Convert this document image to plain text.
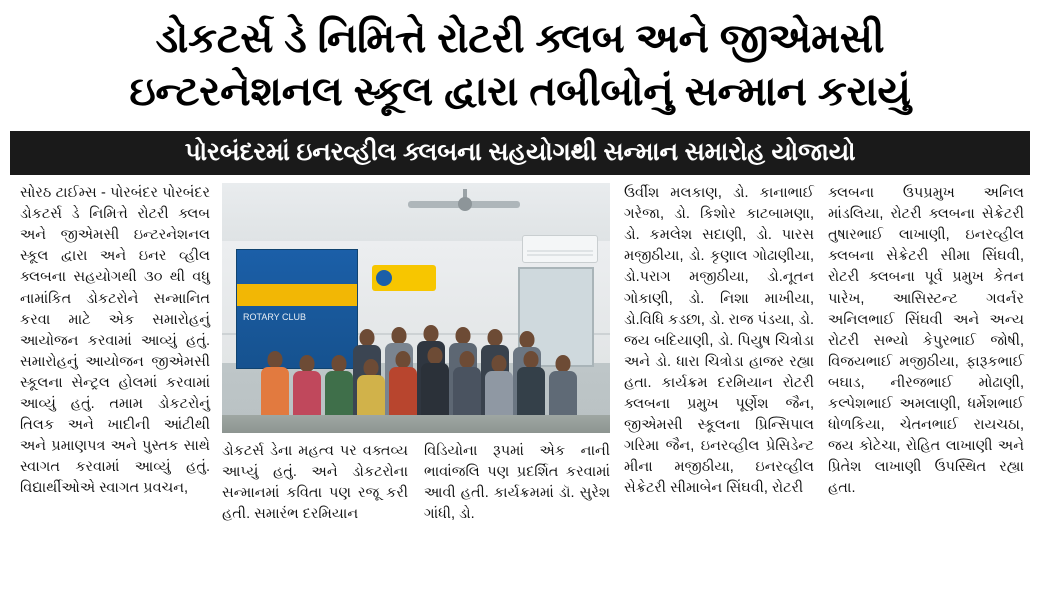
ડોકટર્સ ડે નિમિત્તે રોટરી ક્લબ અને જીએમસી
ઇન્ટરનેશનલ સ્કૂલ દ્વારા તબીબોનું સન્માન કરાયું
પોરબંદરમાં ઇનરવ્હીલ ક્લબના સહયોગથી સન્માન સમારોહ યોજાયો

સોરઠ ટાઈમ્સ - પોરબંદર પોરબંદર ડોકટર્સ ડે નિમિત્તે રોટરી ક્લબ અને જીએમસી ઇન્ટરનેશનલ સ્કૂલ દ્વારા અને ઇનર વ્હીલ ક્લબના સહયોગથી ૩૦ થી વધુ નામાંકિત ડોકટરોને સન્માનિત કરવા માટે એક સમારોહનું આયોજન કરવામાં આવ્યું હતું. સમારોહનું આયોજન જીએમસી સ્કૂલના સેન્ટ્રલ હોલમાં કરવામાં આવ્યું હતું. તમામ ડોકટરોનું તિલક અને ખાદીની આંટીથી અને પ્રમાણપત્ર અને પુસ્તક સાથે સ્વાગત કરવામાં આવ્યું હતું. વિદ્યાર્થીઓએ સ્વાગત પ્રવચન,

ROTARY CLUB

ડોકટર્સ ડેના મહત્વ પર વક્તવ્ય આપ્યું હતું. અને ડોકટરોના સન્માનમાં કવિતા પણ રજૂ કરી હતી. સમારંભ દરમિયાન

વિડિયોના રૂપમાં એક નાની ભાવાંજલિ પણ પ્રદર્શિત કરવામાં આવી હતી. કાર્યક્રમમાં ડૉ. સુરેશ ગાંધી, ડો.

ઉર્વીશ મલકાણ, ડો. કાનાભાઈ ગરેજા, ડો. કિશોર કાટબામણા, ડો. કમલેશ સદાણી, ડો. પારસ મજીઠીયા, ડો. કૃણાલ ગોઢાણીયા, ડો.પરાગ મજીઠીયા, ડો.નૂતન ગોકાણી, ડો. નિશા માખીયા, ડો.વિધિ કડછા, ડો. રાજ પંડયા, ડો. જય બદિયાણી, ડો. પિયુષ ચિત્રોડા અને ડો. ધારા ચિત્રોડા હાજર રહ્યા હતા. કાર્યક્રમ દરમિયાન રોટરી ક્લબના પ્રમુખ પૂર્ણેશ જૈન, જીએમસી સ્કૂલના પ્રિન્સિપાલ ગરિમા જૈન, ઇનરવ્હીલ પ્રેસિડેન્ટ મીના મજીઠીયા, ઇનરવ્હીલ સેક્રેટરી સીમાબેન સિંઘવી, રોટરી

ક્લબના ઉપપ્રમુખ અનિલ માંડલિયા, રોટરી ક્લબના સેક્રેટરી તુષારભાઈ લાખાણી, ઇનરવ્હીલ ક્લબના સેક્રેટરી સીમા સિંઘવી, રોટરી ક્લબના પૂર્વ પ્રમુખ કેતન પારેખ, આસિસ્ટન્ટ ગવર્નર અનિલભાઈ સિંઘવી અને અન્ય રોટરી સભ્યો કેપુરભાઈ જોષી, વિજયભાઈ મજીઠીયા, ફારૂકભાઈ બઘાડ, નીરજભાઈ મોઢાણી, કલ્પેશભાઈ અમલાણી, ધર્મેશભાઈ ધોળકિયા, ચેતનભાઈ રાયચઠા, જય કોટેચા, રોહિત લાખાણી અને પ્રિતેશ લાખાણી ઉપસ્થિત રહ્યા હતા.
